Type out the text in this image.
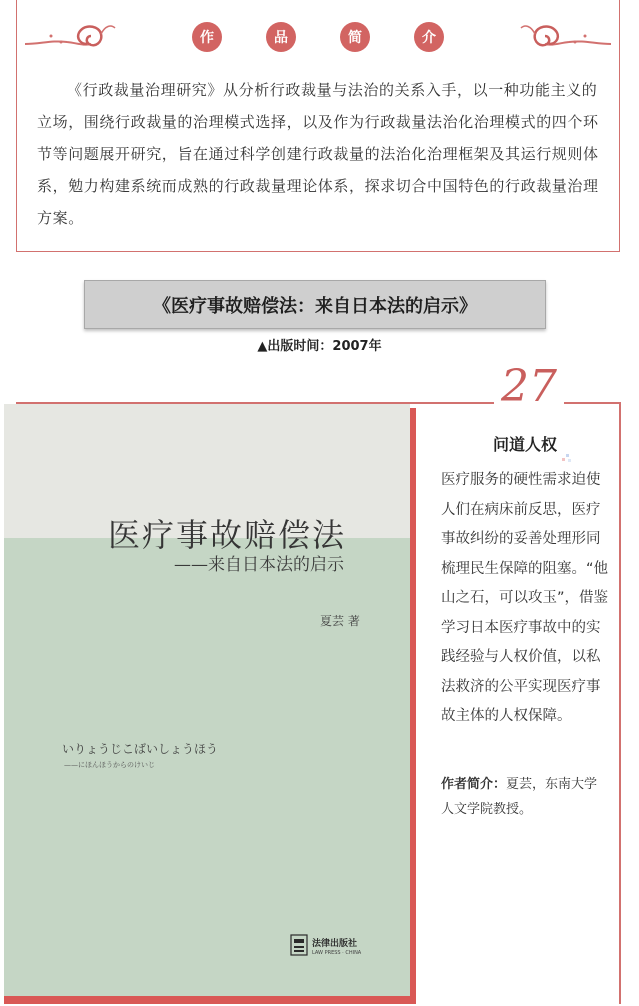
作	品	简	介

《行政裁量治理研究》从分析行政裁量与法治的关系入手，以一种功能主义的立场，围绕行政裁量的治理模式选择，以及作为行政裁量法治化治理模式的四个环节等问题展开研究，旨在通过科学创建行政裁量的法治化治理框架及其运行规则体系，勉力构建系统而成熟的行政裁量理论体系，探求切合中国特色的行政裁量治理方案。

《医疗事故赔偿法：来自日本法的启示》
▲出版时间：2007年
27
医疗事故赔偿法
——来自日本法的启示
夏芸 著
いりょうじこばいしょうほう
——にほんほうからのけいじ
法律出版社
LAW PRESS · CHINA
问道人权

医疗服务的硬性需求迫使人们在病床前反思，医疗事故纠纷的妥善处理形同梳理民生保障的阻塞。“他山之石，可以攻玉”，借鉴学习日本医疗事故中的实践经验与人权价值，以私法救济的公平实现医疗事故主体的人权保障。

作者简介：夏芸，东南大学人文学院教授。
